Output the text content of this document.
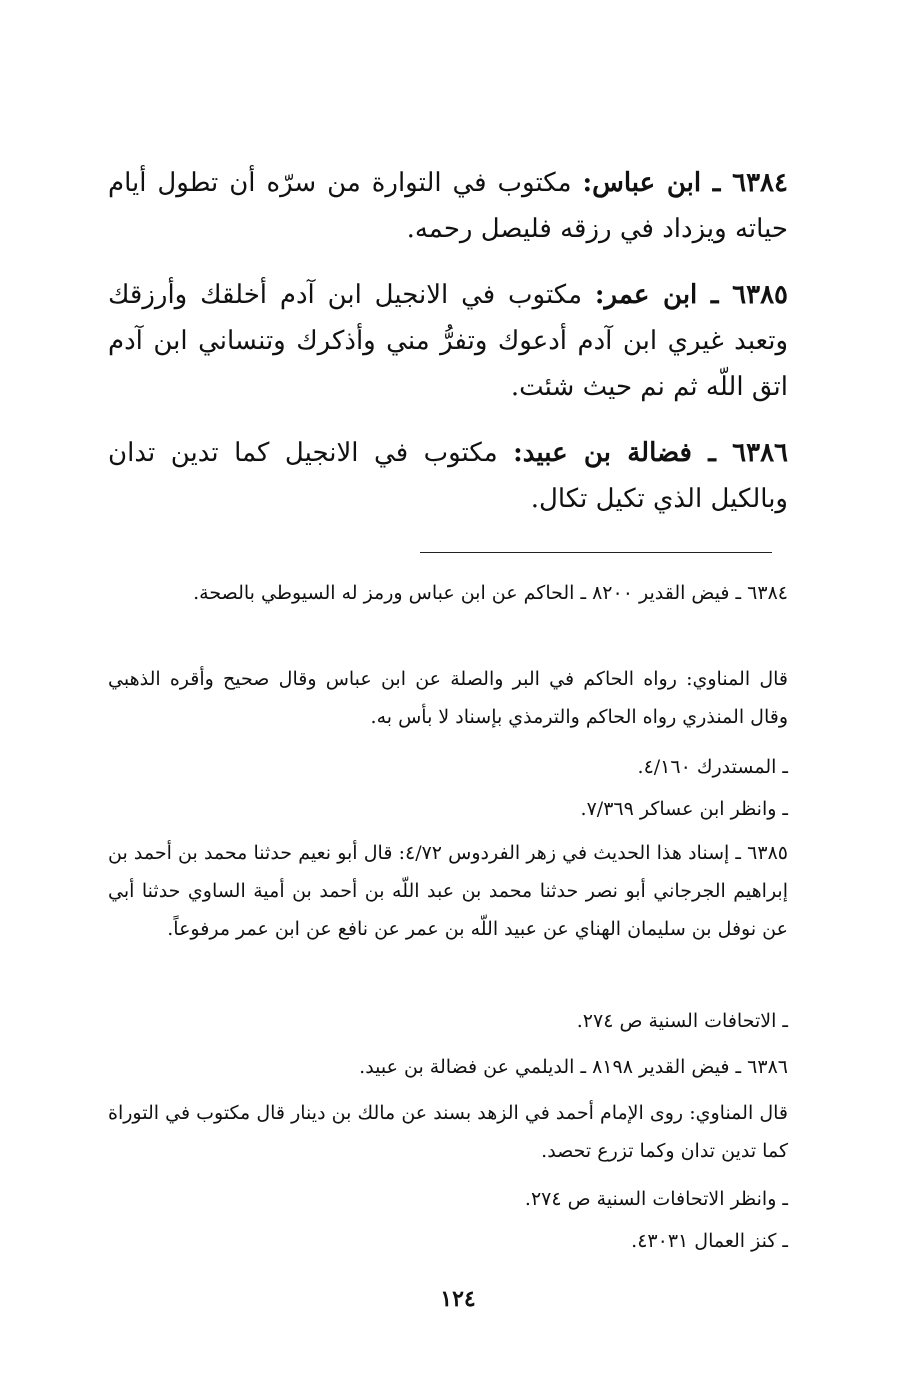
٦٣٨٤ ـ ابن عباس: مكتوب في التوارة من سرّه أن تطول أيام حياته ويزداد في رزقه فليصل رحمه.
٦٣٨٥ ـ ابن عمر: مكتوب في الانجيل ابن آدم أخلقك وأرزقك وتعبد غيري ابن آدم أدعوك وتفرُّ مني وأذكرك وتنساني ابن آدم اتق اللّه ثم نم حيث شئت.
٦٣٨٦ ـ فضالة بن عبيد: مكتوب في الانجيل كما تدين تدان وبالكيل الذي تكيل تكال.
٦٣٨٤ ـ فيض القدير ٨٢٠٠ ـ الحاكم عن ابن عباس ورمز له السيوطي بالصحة.
قال المناوي: رواه الحاكم في البر والصلة عن ابن عباس وقال صحيح وأقره الذهبي وقال المنذري رواه الحاكم والترمذي بإسناد لا بأس به.
ـ المستدرك ٤/١٦٠.
ـ وانظر ابن عساكر ٧/٣٦٩.
٦٣٨٥ ـ إسناد هذا الحديث في زهر الفردوس ٤/٧٢: قال أبو نعيم حدثنا محمد بن أحمد بن إبراهيم الجرجاني أبو نصر حدثنا محمد بن عبد اللّه بن أحمد بن أمية الساوي حدثنا أبي عن نوفل بن سليمان الهناي عن عبيد اللّه بن عمر عن نافع عن ابن عمر مرفوعاً.
ـ الاتحافات السنية ص ٢٧٤.
٦٣٨٦ ـ فيض القدير ٨١٩٨ ـ الديلمي عن فضالة بن عبيد.
قال المناوي: روى الإمام أحمد في الزهد بسند عن مالك بن دينار قال مكتوب في التوراة كما تدين تدان وكما تزرع تحصد.
ـ وانظر الاتحافات السنية ص ٢٧٤.
ـ كنز العمال ٤٣٠٣١.
١٢٤
